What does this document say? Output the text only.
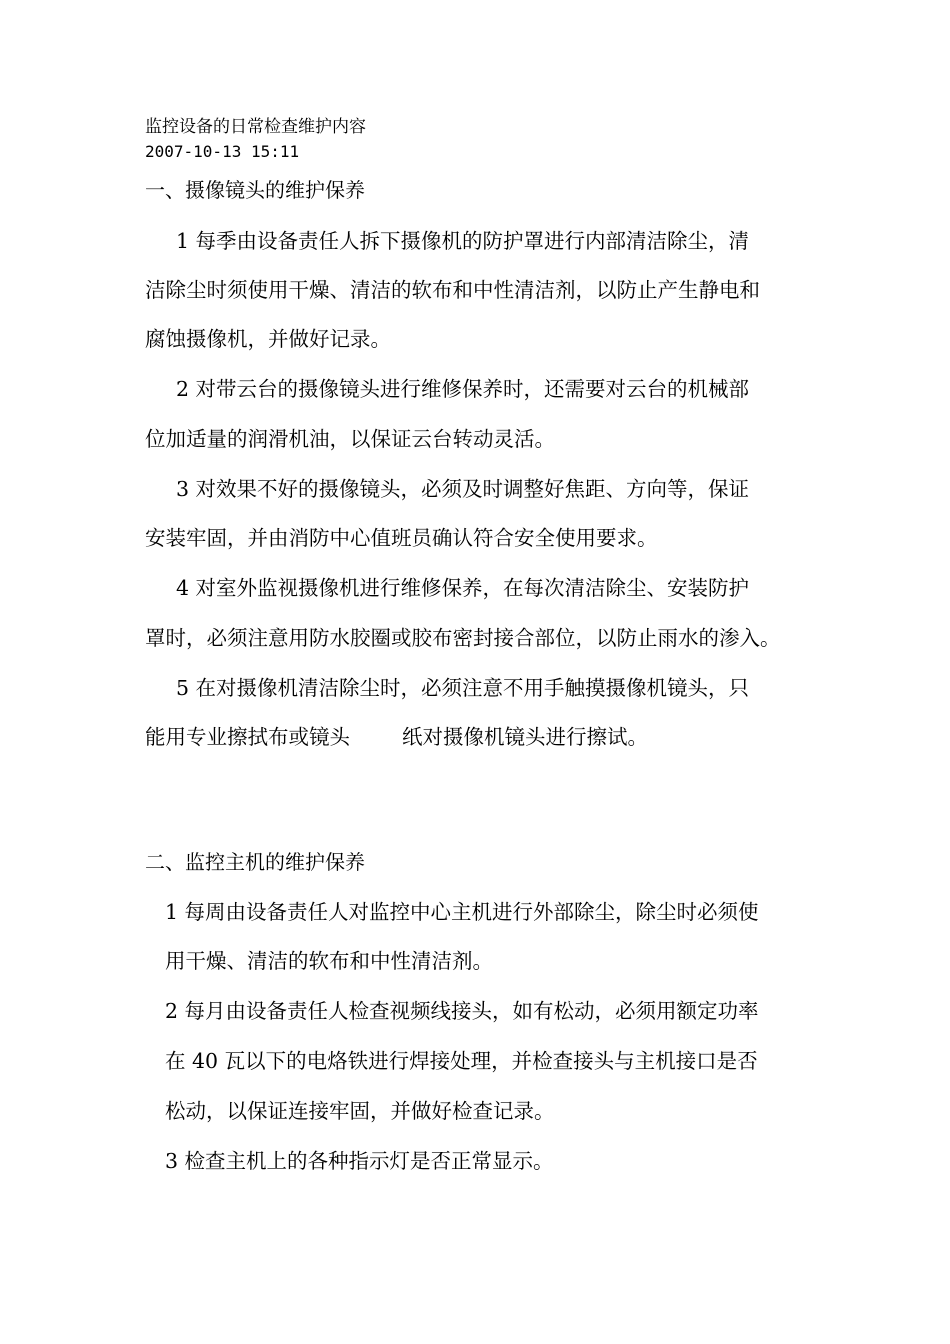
监控设备的日常检查维护内容
2007-10-13 15:11
一、摄像镜头的维护保养
1 每季由设备责任人拆下摄像机的防护罩进行内部清洁除尘，清
洁除尘时须使用干燥、清洁的软布和中性清洁剂，以防止产生静电和
腐蚀摄像机，并做好记录。
2 对带云台的摄像镜头进行维修保养时，还需要对云台的机械部
位加适量的润滑机油，以保证云台转动灵活。
3 对效果不好的摄像镜头，必须及时调整好焦距、方向等，保证
安装牢固，并由消防中心值班员确认符合安全使用要求。
4 对室外监视摄像机进行维修保养，在每次清洁除尘、安装防护
罩时，必须注意用防水胶圈或胶布密封接合部位，以防止雨水的渗入。
5 在对摄像机清洁除尘时，必须注意不用手触摸摄像机镜头，只
能用专业擦拭布或镜头	纸对摄像机镜头进行擦试。
二、监控主机的维护保养
1 每周由设备责任人对监控中心主机进行外部除尘，除尘时必须使
用干燥、清洁的软布和中性清洁剂。
2 每月由设备责任人检查视频线接头，如有松动，必须用额定功率
在 40 瓦以下的电烙铁进行焊接处理，并检查接头与主机接口是否
松动，以保证连接牢固，并做好检查记录。
3 检查主机上的各种指示灯是否正常显示。
